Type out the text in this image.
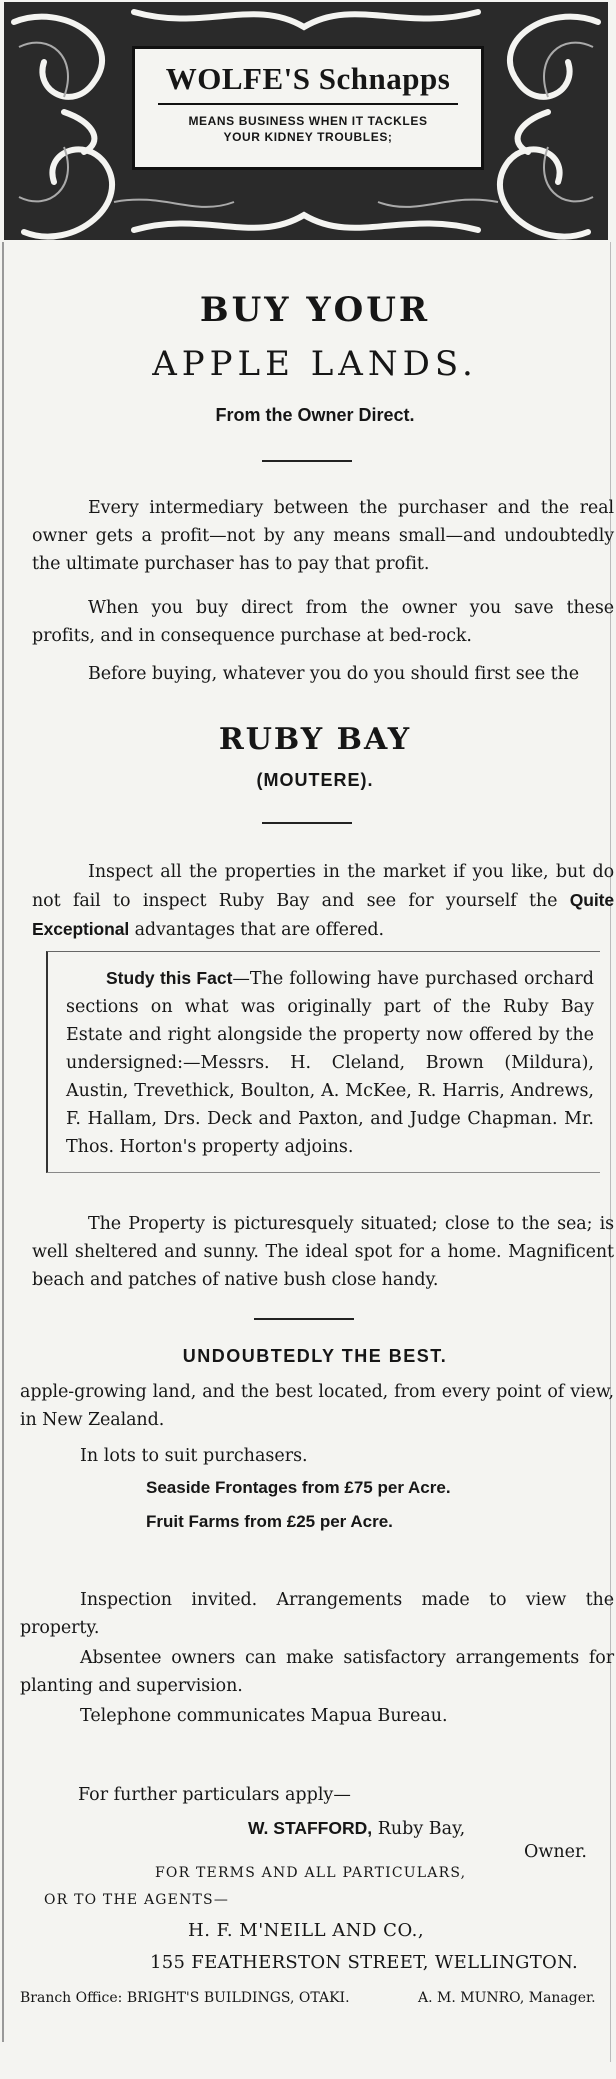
WOLFE'S Schnapps
MEANS BUSINESS WHEN IT TACKLES
YOUR KIDNEY TROUBLES;
BUY YOUR
APPLE LANDS.
From the Owner Direct.
Every intermediary between the purchaser and the real owner gets a profit—not by any means small—and undoubtedly the ultimate purchaser has to pay that profit.
When you buy direct from the owner you save these profits, and in consequence purchase at bed-rock.
Before buying, whatever you do you should first see the
RUBY BAY
(MOUTERE).
Inspect all the properties in the market if you like, but do not fail to inspect Ruby Bay and see for yourself the Quite Exceptional advantages that are offered.
Study this Fact—The following have purchased orchard sections on what was originally part of the Ruby Bay Estate and right alongside the property now offered by the undersigned:—Messrs. H. Cleland, Brown (Mildura), Austin, Trevethick, Boulton, A. McKee, R. Harris, Andrews, F. Hallam, Drs. Deck and Paxton, and Judge Chapman. Mr. Thos. Horton's property adjoins.
The Property is picturesquely situated; close to the sea; is well sheltered and sunny. The ideal spot for a home. Magnificent beach and patches of native bush close handy.
UNDOUBTEDLY THE BEST.
apple-growing land, and the best located, from every point of view, in New Zealand.
In lots to suit purchasers.
Seaside Frontages from £75 per Acre.
Fruit Farms from £25 per Acre.
Inspection invited. Arrangements made to view the property.
Absentee owners can make satisfactory arrangements for planting and supervision.
Telephone communicates Mapua Bureau.
For further particulars apply—
W. STAFFORD, Ruby Bay,
Owner.
FOR TERMS AND ALL PARTICULARS,
OR TO THE AGENTS—
H. F. M'NEILL AND CO.,
155 FEATHERSTON STREET, WELLINGTON.
Branch Office: BRIGHT'S BUILDINGS, OTAKI.	A. M. MUNRO, Manager.
